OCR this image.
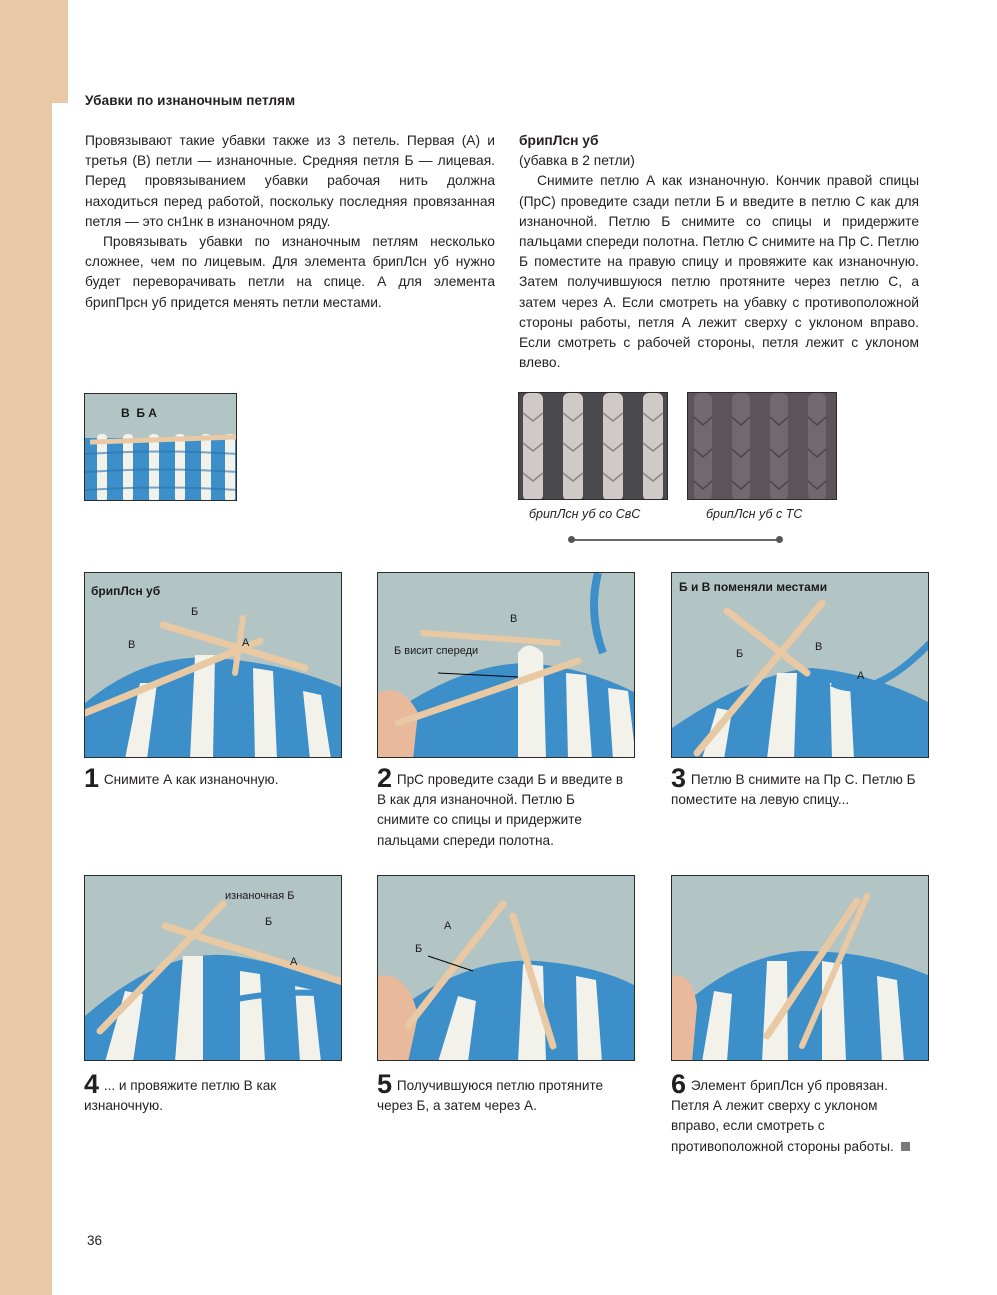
Убавки по изнаночным петлям

Провязывают такие убавки также из 3 петель. Первая (А) и третья (В) петли — изнаночные. Средняя петля Б — лицевая. Перед провязыванием убавки рабочая нить должна находиться перед работой, поскольку последняя провязанная петля — это сн1нк в изнаночном ряду.

Провязывать убавки по изнаночным петлям несколько сложнее, чем по лицевым. Для элемента брипЛсн уб нужно будет переворачивать петли на спице. А для элемента брипПрсн уб придется менять петли местами.

брипЛсн уб

(убавка в 2 петли)

Снимите петлю А как изнаночную. Кончик правой спицы (ПрС) проведите сзади петли Б и введите в петлю С как для изнаночной. Петлю Б снимите со спицы и придержите пальцами спереди полотна. Петлю С снимите на Пр С. Петлю Б поместите на правую спицу и провяжите как изнаночную. Затем получившуюся петлю протяните через петлю С, а затем через А. Если смотреть на убавку с противоположной стороны работы, петля А лежит сверху с уклоном вправо. Если смотреть с рабочей стороны, петля лежит с уклоном влево.

В  Б А
брипЛсн уб со СвС	брипЛсн уб с ТС
брипЛсн уб
Б
В	А
В
Б висит спереди
Б и В поменяли местами
Б
В
А
1 Снимите А как изнаночную.	2 ПрС проведите сзади Б и введите в В как для изнаночной. Петлю Б снимите со спицы и придержите пальцами спереди полотна.
3 Петлю В снимите на Пр С. Петлю Б поместите на левую спицу...
изнаночная Б
Б
А
А
Б
4 ... и провяжите петлю В как изнаночную.
5 Получившуюся петлю протяните через Б, а затем через А.
6 Элемент брипЛсн уб провязан. Петля А лежит сверху с уклоном вправо, если смотреть с противоположной стороны работы.
36
